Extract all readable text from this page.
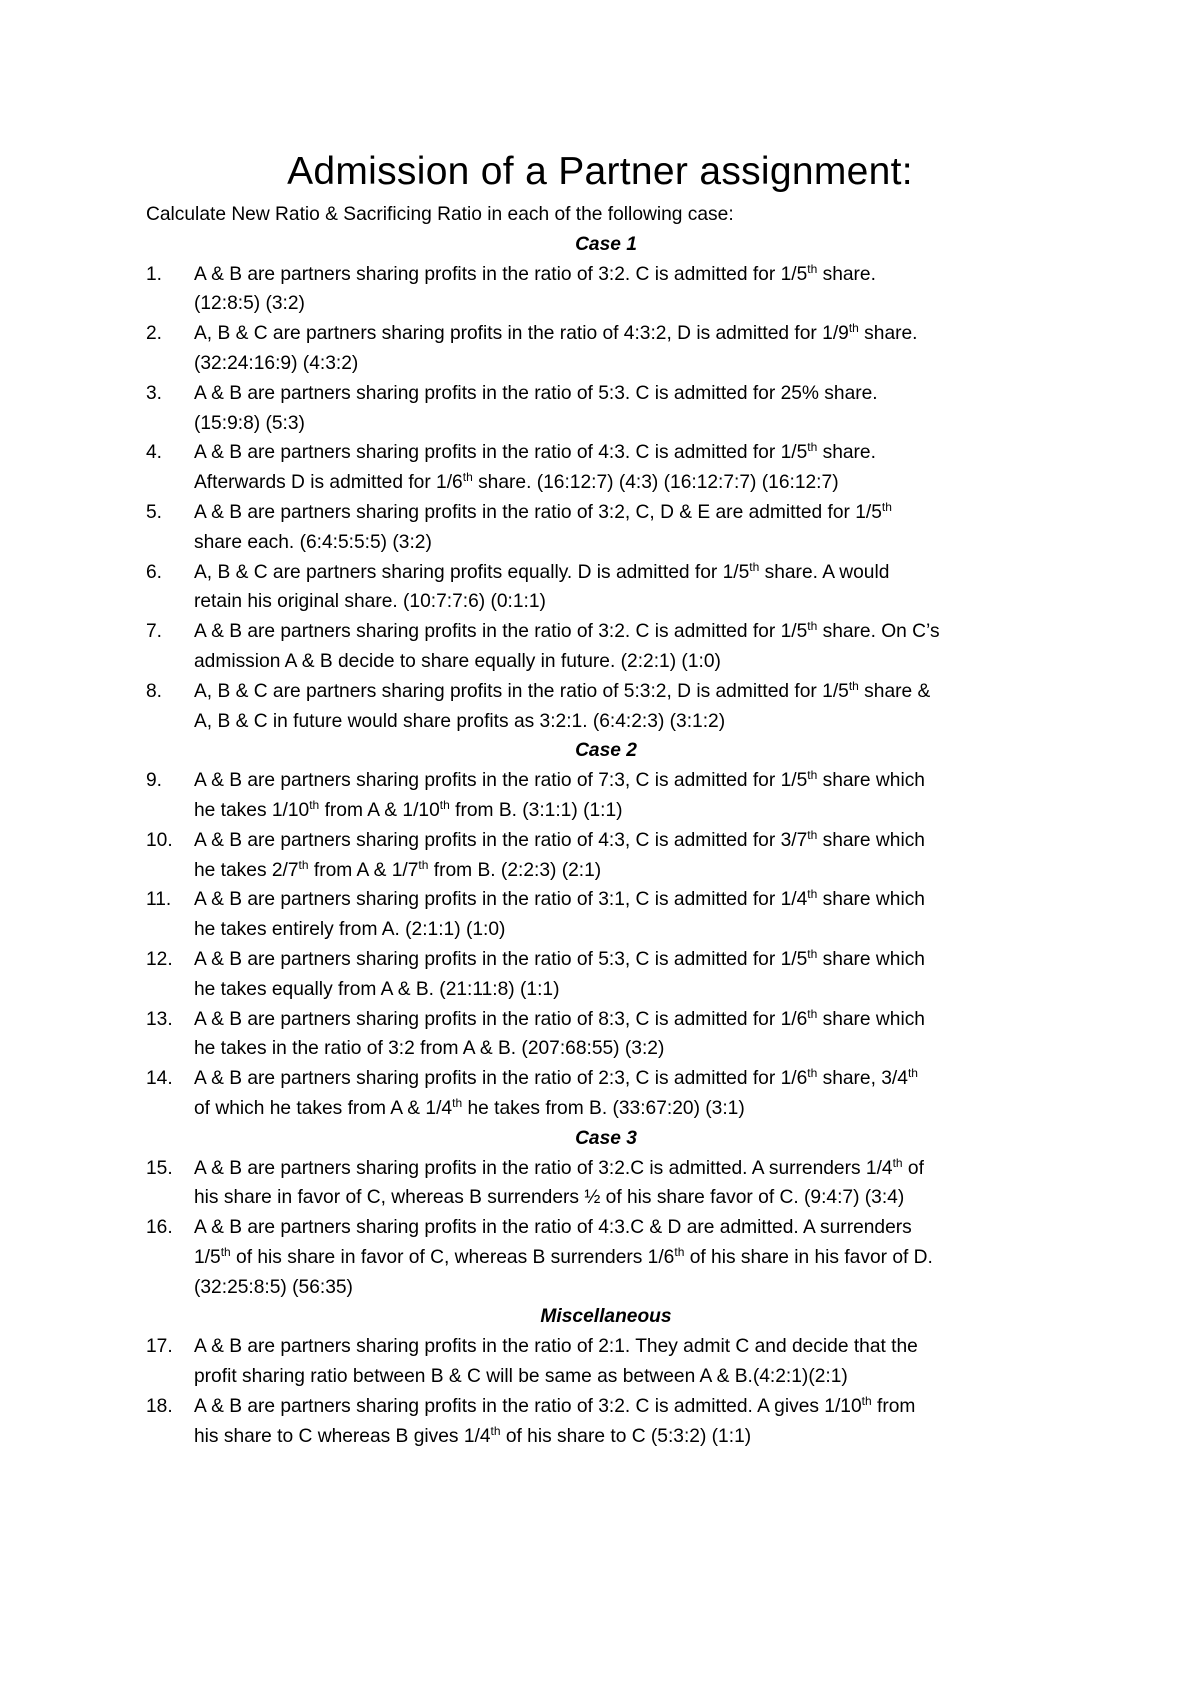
Admission of a Partner assignment:

Calculate New Ratio & Sacrificing Ratio in each of the following case:

Case 1
1.	A & B are partners sharing profits in the ratio of 3:2. C is admitted for 1/5th share.
(12:8:5) (3:2)
2.	A, B & C are partners sharing profits in the ratio of 4:3:2, D is admitted for 1/9th share.
(32:24:16:9) (4:3:2)
3.	A & B are partners sharing profits in the ratio of 5:3. C is admitted for 25% share.
(15:9:8) (5:3)
4.	A & B are partners sharing profits in the ratio of 4:3. C is admitted for 1/5th share.
Afterwards D is admitted for 1/6th share. (16:12:7) (4:3) (16:12:7:7) (16:12:7)
5.	A & B are partners sharing profits in the ratio of 3:2, C, D & E are admitted for 1/5th
share each. (6:4:5:5:5) (3:2)
6.	A, B & C are partners sharing profits equally. D is admitted for 1/5th share. A would
retain his original share. (10:7:7:6) (0:1:1)
7.	A & B are partners sharing profits in the ratio of 3:2. C is admitted for 1/5th share. On C’s
admission A & B decide to share equally in future. (2:2:1) (1:0)
8.	A, B & C are partners sharing profits in the ratio of 5:3:2, D is admitted for 1/5th share &
A, B & C in future would share profits as 3:2:1. (6:4:2:3) (3:1:2)
Case 2
9.	A & B are partners sharing profits in the ratio of 7:3, C is admitted for 1/5th share which
he takes 1/10th from A & 1/10th from B. (3:1:1) (1:1)
10.	A & B are partners sharing profits in the ratio of 4:3, C is admitted for 3/7th share which
he takes 2/7th from A & 1/7th from B. (2:2:3) (2:1)
11.	A & B are partners sharing profits in the ratio of 3:1, C is admitted for 1/4th share which
he takes entirely from A. (2:1:1) (1:0)
12.	A & B are partners sharing profits in the ratio of 5:3, C is admitted for 1/5th share which
he takes equally from A & B. (21:11:8) (1:1)
13.	A & B are partners sharing profits in the ratio of 8:3, C is admitted for 1/6th share which
he takes in the ratio of 3:2 from A & B. (207:68:55) (3:2)
14.	A & B are partners sharing profits in the ratio of 2:3, C is admitted for 1/6th share, 3/4th
of which he takes from A & 1/4th he takes from B. (33:67:20) (3:1)
Case 3
15.	A & B are partners sharing profits in the ratio of 3:2.C is admitted. A surrenders 1/4th of
his share in favor of C, whereas B surrenders ½ of his share favor of C. (9:4:7) (3:4)
16.	A & B are partners sharing profits in the ratio of 4:3.C & D are admitted. A surrenders
1/5th of his share in favor of C, whereas B surrenders 1/6th of his share in his favor of D.
(32:25:8:5) (56:35)
Miscellaneous
17.	A & B are partners sharing profits in the ratio of 2:1. They admit C and decide that the
profit sharing ratio between B & C will be same as between A & B.(4:2:1)(2:1)
18.	A & B are partners sharing profits in the ratio of 3:2. C is admitted. A gives 1/10th from
his share to C whereas B gives 1/4th of his share to C (5:3:2) (1:1)
